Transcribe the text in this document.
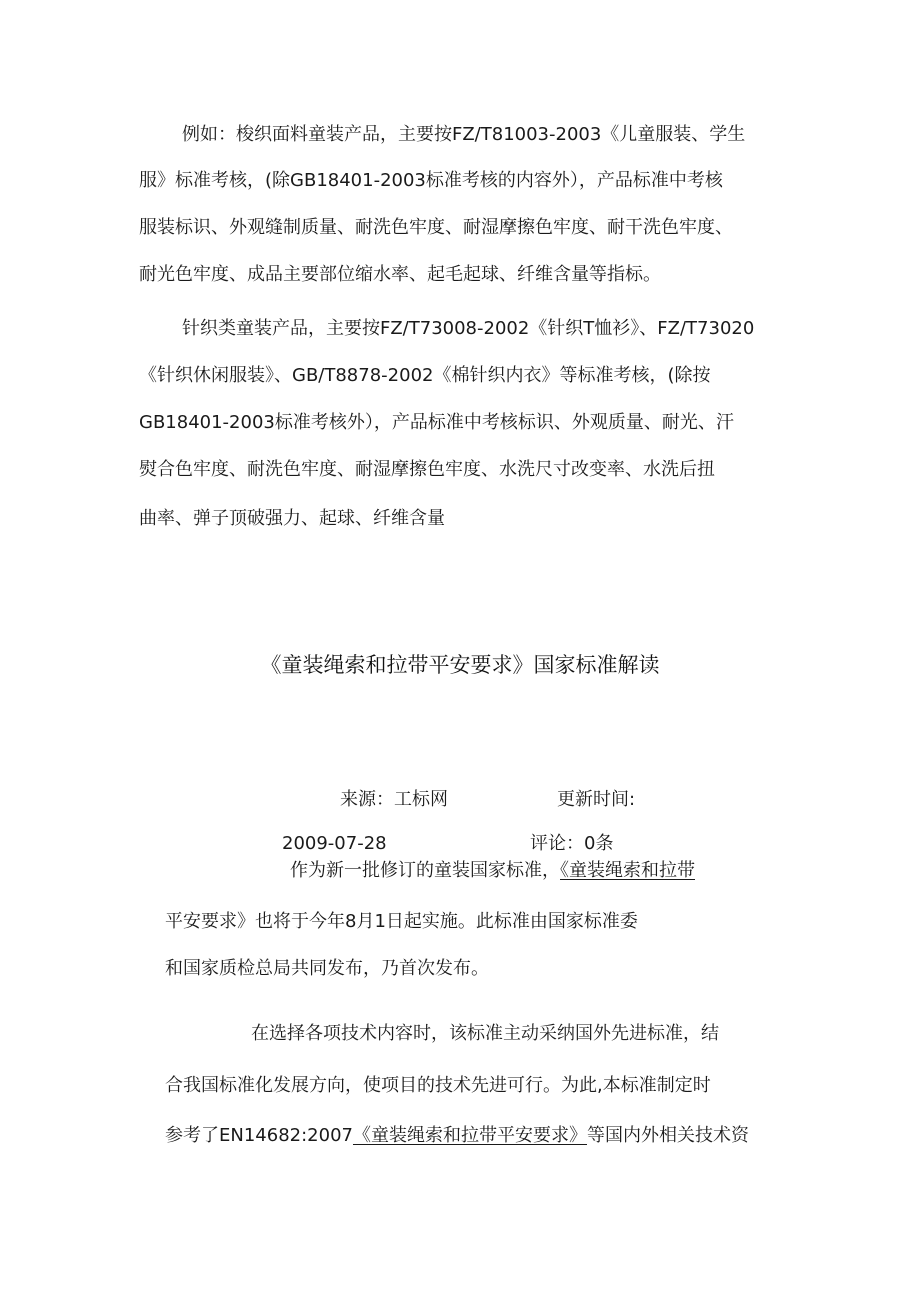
例如：梭织面料童装产品，主要按FZ/T81003-2003《儿童服装、学生
服》标准考核，(除GB18401-2003标准考核的内容外），产品标准中考核
服装标识、外观缝制质量、耐洗色牢度、耐湿摩擦色牢度、耐干洗色牢度、
耐光色牢度、成品主要部位缩水率、起毛起球、纤维含量等指标。
针织类童装产品，主要按FZ/T73008-2002《针织T恤衫》、FZ/T73020
《针织休闲服装》、GB/T8878-2002《棉针织内衣》等标准考核，(除按
GB18401-2003标准考核外），产品标准中考核标识、外观质量、耐光、汗
熨合色牢度、耐洗色牢度、耐湿摩擦色牢度、水洗尺寸改变率、水洗后扭
曲率、弹子顶破强力、起球、纤维含量
《童装绳索和拉带平安要求》国家标准解读
来源：工标网	更新时间:
2009-07-28	评论：0条
作为新一批修订的童装国家标准，《童装绳索和拉带
平安要求》也将于今年8月1日起实施。此标准由国家标准委
和国家质检总局共同发布，乃首次发布。
在选择各项技术内容时，该标准主动采纳国外先进标准，结
合我国标准化发展方向，使项目的技术先进可行。为此,本标准制定时
参考了EN14682:2007《童装绳索和拉带平安要求》等国内外相关技术资
